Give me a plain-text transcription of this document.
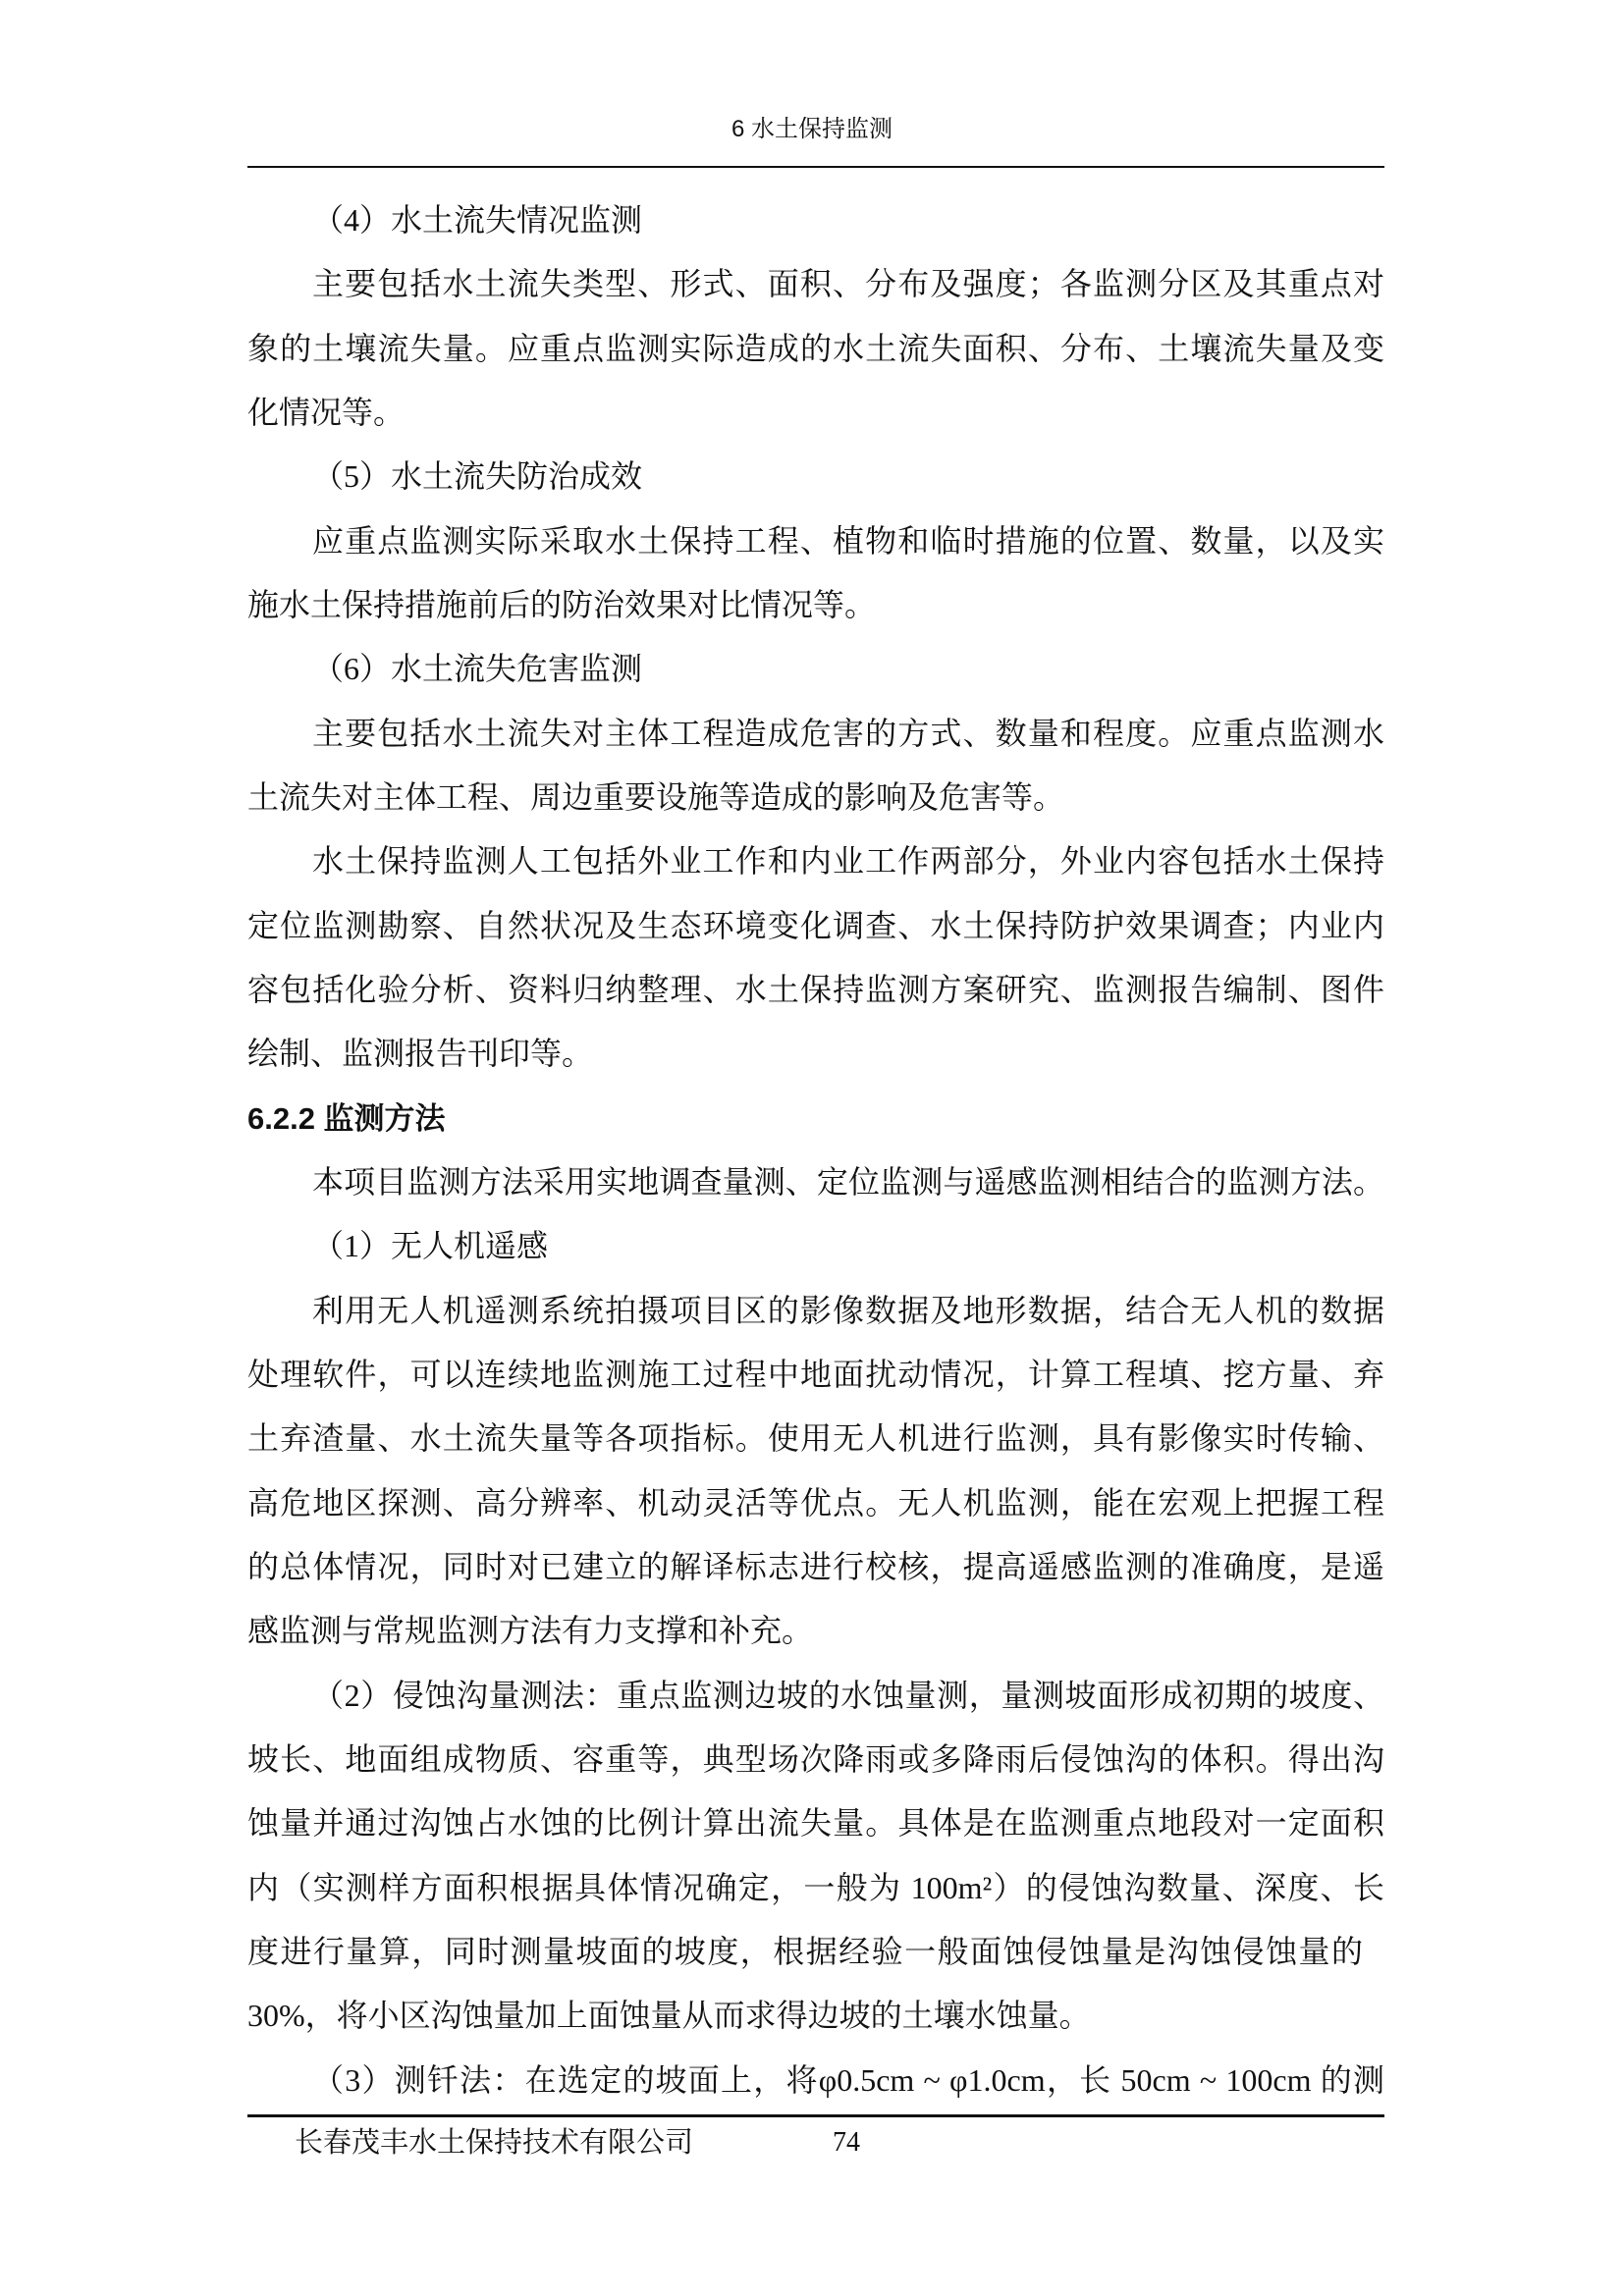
6 水土保持监测
（4）水土流失情况监测
主要包括水土流失类型、形式、面积、分布及强度；各监测分区及其重点对
象的土壤流失量。应重点监测实际造成的水土流失面积、分布、土壤流失量及变
化情况等。
（5）水土流失防治成效
应重点监测实际采取水土保持工程、植物和临时措施的位置、数量，以及实
施水土保持措施前后的防治效果对比情况等。
（6）水土流失危害监测
主要包括水土流失对主体工程造成危害的方式、数量和程度。应重点监测水
土流失对主体工程、周边重要设施等造成的影响及危害等。
水土保持监测人工包括外业工作和内业工作两部分，外业内容包括水土保持
定位监测勘察、自然状况及生态环境变化调查、水土保持防护效果调查；内业内
容包括化验分析、资料归纳整理、水土保持监测方案研究、监测报告编制、图件
绘制、监测报告刊印等。
6.2.2 监测方法
本项目监测方法采用实地调查量测、定位监测与遥感监测相结合的监测方法。
（1）无人机遥感
利用无人机遥测系统拍摄项目区的影像数据及地形数据，结合无人机的数据
处理软件，可以连续地监测施工过程中地面扰动情况，计算工程填、挖方量、弃
土弃渣量、水土流失量等各项指标。使用无人机进行监测，具有影像实时传输、
高危地区探测、高分辨率、机动灵活等优点。无人机监测，能在宏观上把握工程
的总体情况，同时对已建立的解译标志进行校核，提高遥感监测的准确度，是遥
感监测与常规监测方法有力支撑和补充。
（2）侵蚀沟量测法：重点监测边坡的水蚀量测，量测坡面形成初期的坡度、
坡长、地面组成物质、容重等，典型场次降雨或多降雨后侵蚀沟的体积。得出沟
蚀量并通过沟蚀占水蚀的比例计算出流失量。具体是在监测重点地段对一定面积
内（实测样方面积根据具体情况确定，一般为 100m²）的侵蚀沟数量、深度、长
度进行量算，同时测量坡面的坡度，根据经验一般面蚀侵蚀量是沟蚀侵蚀量的
30%，将小区沟蚀量加上面蚀量从而求得边坡的土壤水蚀量。
（3）测钎法：在选定的坡面上，将φ0.5cm ~ φ1.0cm，长 50cm ~ 100cm 的测
长春茂丰水土保持技术有限公司	74
